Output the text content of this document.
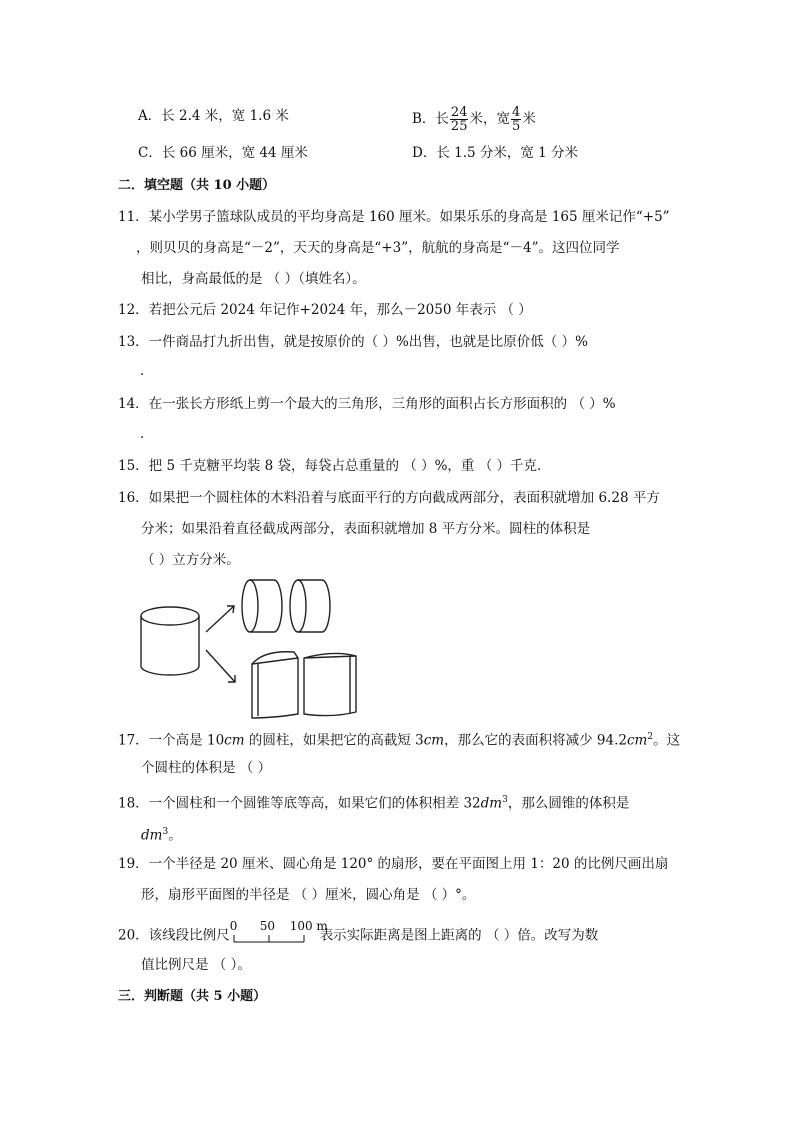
A．长 2.4 米，宽 1.6 米	B．长 $\frac{24}{25}$ 米，宽 $\frac{4}{5}$ 米
C．长 66 厘米，宽 44 厘米	D．长 1.5 分米，宽 1 分米
二．填空题（共 10 小题）
11．某小学男子篮球队成员的平均身高是 160 厘米。如果乐乐的身高是 165 厘米记作“+5”
，则贝贝的身高是“－2”，天天的身高是“+3”，航航的身高是“－4”。这四位同学
相比，身高最低的是 （ ）（填姓名）。
12．若把公元后 2024 年记作+2024 年，那么－2050 年表示 （ ）
13．一件商品打九折出售，就是按原价的（ ）%出售，也就是比原价低（ ）%
．
14．在一张长方形纸上剪一个最大的三角形，三角形的面积占长方形面积的 （ ）%
．
15．把 5 千克糖平均装 8 袋，每袋占总重量的 （ ）%，重 （ ）千克．
16．如果把一个圆柱体的木料沿着与底面平行的方向截成两部分，表面积就增加 6.28 平方
分米；如果沿着直径截成两部分，表面积就增加 8 平方分米。圆柱的体积是
（ ）立方分米。
17．一个高是 10cm 的圆柱，如果把它的高截短 3cm，那么它的表面积将减少 $94.2cm^2$。这
个圆柱的体积是 （ ）
18．一个圆柱和一个圆锥等底等高，如果它们的体积相差 $32dm^3$，那么圆锥的体积是
$dm^3$。
19．一个半径是 20 厘米、圆心角是 120° 的扇形，要在平面图上用 1：20 的比例尺画出扇
形，扇形平面图的半径是 （ ）厘米，圆心角是 （ ）°。
20．该线段比例尺
0 50 100 m
表示实际距离是图上距离的 （ ）倍。改写为数
值比例尺是 （ ）。
三．判断题（共 5 小题）
